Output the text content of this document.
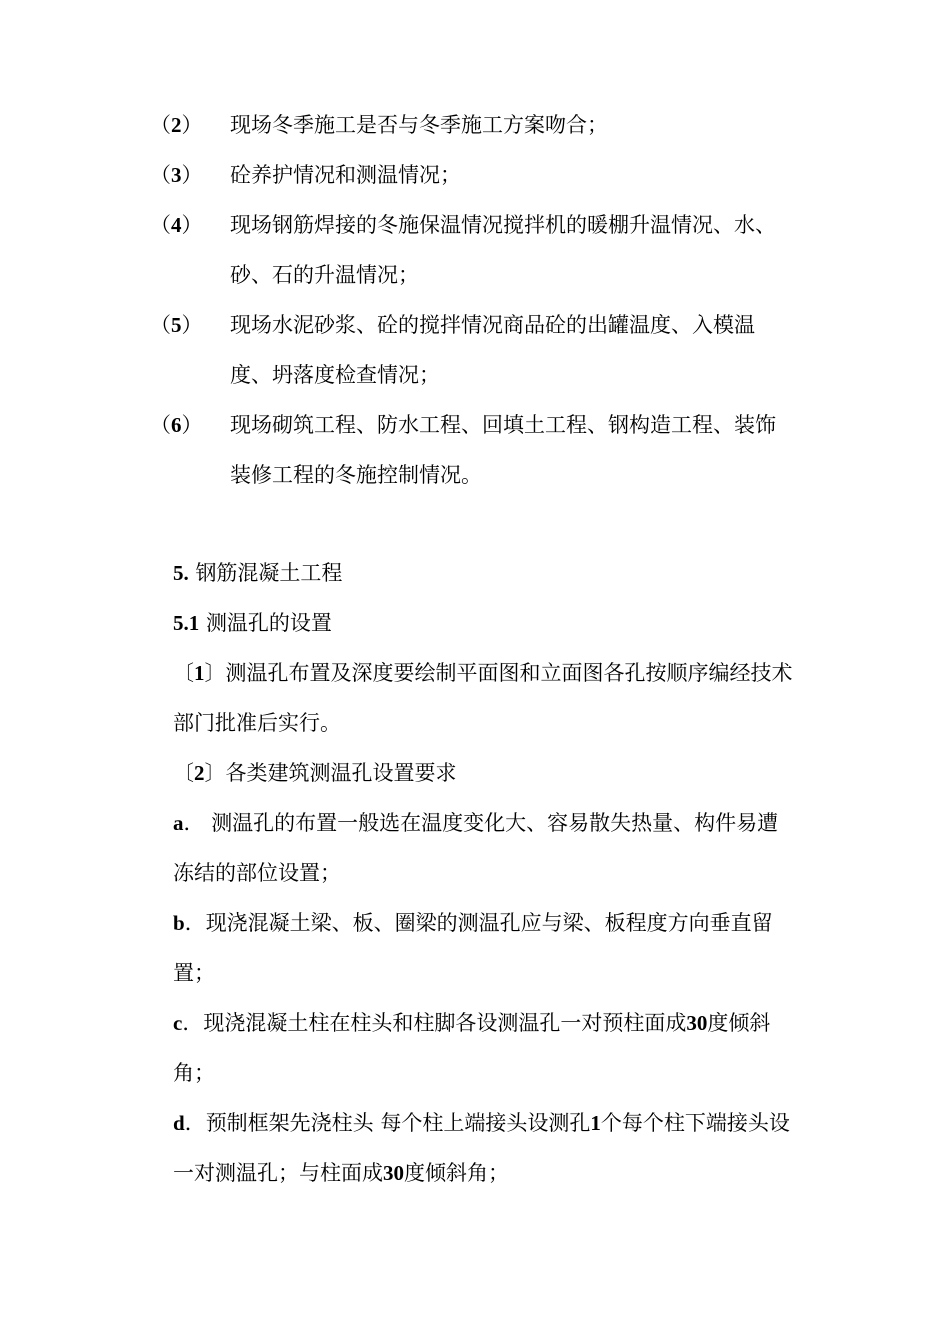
（2）	现场冬季施工是否与冬季施工方案吻合；
（3）	砼养护情况和测温情况；
（4）	现场钢筋焊接的冬施保温情况搅拌机的暖棚升温情况、水、砂、石的升温情况；
（5）	现场水泥砂浆、砼的搅拌情况商品砼的出罐温度、入模温度、坍落度检查情况；
（6）	现场砌筑工程、防水工程、回填土工程、钢构造工程、装饰装修工程的冬施控制情况。

5. 钢筋混凝土工程

5.1 测温孔的设置

〔1〕测温孔布置及深度要绘制平面图和立面图各孔按顺序编经技术部门批准后实行。

〔2〕各类建筑测温孔设置要求

a． 测温孔的布置一般选在温度变化大、容易散失热量、构件易遭冻结的部位设置；

b．现浇混凝土梁、板、圈梁的测温孔应与梁、板程度方向垂直留置；

c．现浇混凝土柱在柱头和柱脚各设测温孔一对预柱面成30度倾斜角；

d．预制框架先浇柱头 每个柱上端接头设测孔1个每个柱下端接头设一对测温孔；与柱面成30度倾斜角；
